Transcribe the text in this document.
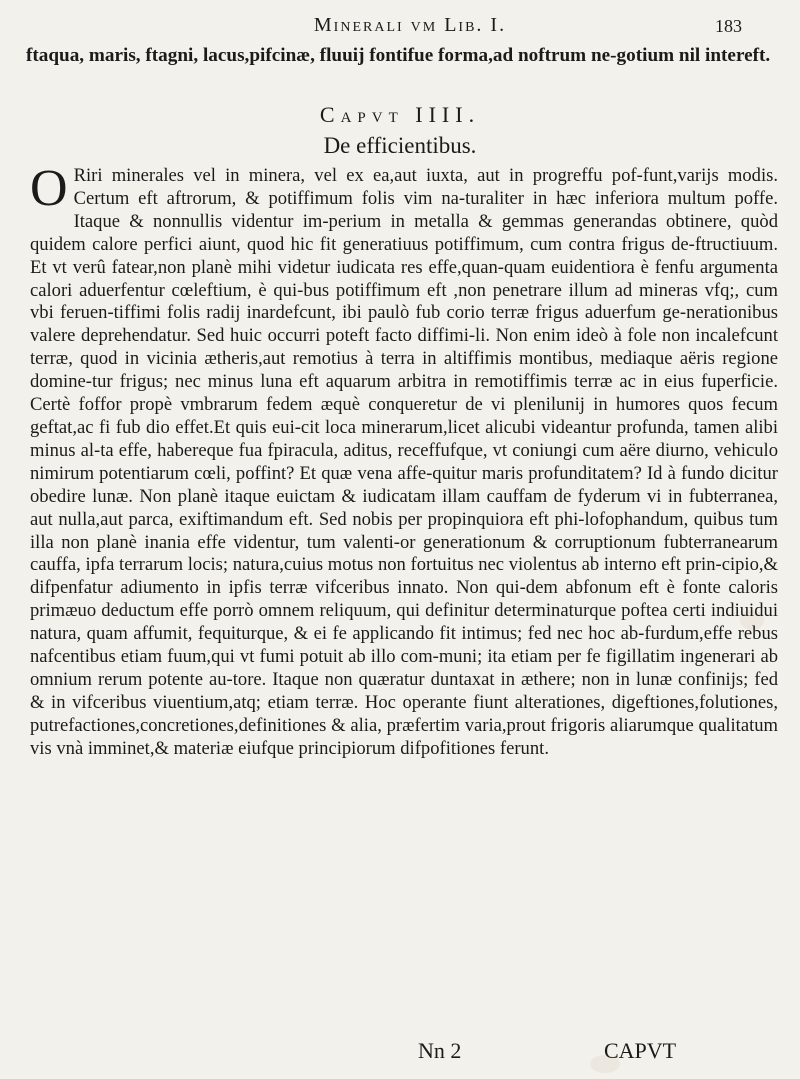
Minerali vm Lib. I.	183

ftaqua, maris, ftagni, lacus,pifcinæ, fluuij fontifue forma,ad noftrum ne-gotium nil intereft.

Capvt IIII.
De efficientibus.

O Riri minerales vel in minera, vel ex ea,aut iuxta, aut in progreffu pof-funt,varijs modis. Certum eft aftrorum, & potiffimum folis vim na-turaliter in hæc inferiora multum poffe. Itaque & nonnullis videntur im-perium in metalla & gemmas generandas obtinere, quòd quidem calore perfici aiunt, quod hic fit generatiuus potiffimum, cum contra frigus de-ftructiuum. Et vt verû fatear,non planè mihi videtur iudicata res effe,quan-quam euidentiora è fenfu argumenta calori aduerfentur cœleftium, è qui-bus potiffimum eft ,non penetrare illum ad mineras vfq;, cum vbi feruen-tiffimi folis radij inardefcunt, ibi paulò fub corio terræ frigus aduerfum ge-nerationibus valere deprehendatur. Sed huic occurri poteft facto diffimi-li. Non enim ideò à fole non incalefcunt terræ, quod in vicinia ætheris,aut remotius à terra in altiffimis montibus, mediaque aëris regione domine-tur frigus; nec minus luna eft aquarum arbitra in remotiffimis terræ ac in eius fuperficie. Certè foffor propè vmbrarum fedem æquè conqueretur de vi plenilunij in humores quos fecum geftat,ac fi fub dio effet.Et quis eui-cit loca minerarum,licet alicubi videantur profunda, tamen alibi minus al-ta effe, habereque fua fpiracula, aditus, receffufque, vt coniungi cum aëre diurno, vehiculo nimirum potentiarum cœli, poffint? Et quæ vena affe-quitur maris profunditatem? Id à fundo dicitur obedire lunæ. Non planè itaque euictam & iudicatam illam cauffam de fyderum vi in fubterranea, aut nulla,aut parca, exiftimandum eft. Sed nobis per propinquiora eft phi-lofophandum, quibus tum illa non planè inania effe videntur, tum valenti-or generationum & corruptionum fubterranearum cauffa, ipfa terrarum locis; natura,cuius motus non fortuitus nec violentus ab interno eft prin-cipio,& difpenfatur adiumento in ipfis terræ vifceribus innato. Non qui-dem abfonum eft è fonte caloris primæuo deductum effe porrò omnem reliquum, qui definitur determinaturque poftea certi indiuidui natura, quam affumit, fequiturque, & ei fe applicando fit intimus; fed nec hoc ab-furdum,effe rebus nafcentibus etiam fuum,qui vt fumi potuit ab illo com-muni; ita etiam per fe figillatim ingenerari ab omnium rerum potente au-tore. Itaque non quæratur duntaxat in æthere; non in lunæ confinijs; fed & in vifceribus viuentium,atq; etiam terræ. Hoc operante fiunt alterationes, digeftiones,folutiones, putrefactiones,concretiones,definitiones & alia, præfertim varia,prout frigoris aliarumque qualitatum vis vnà imminet,& materiæ eiufque principiorum difpofitiones ferunt.

Nn 2	CAPVT
